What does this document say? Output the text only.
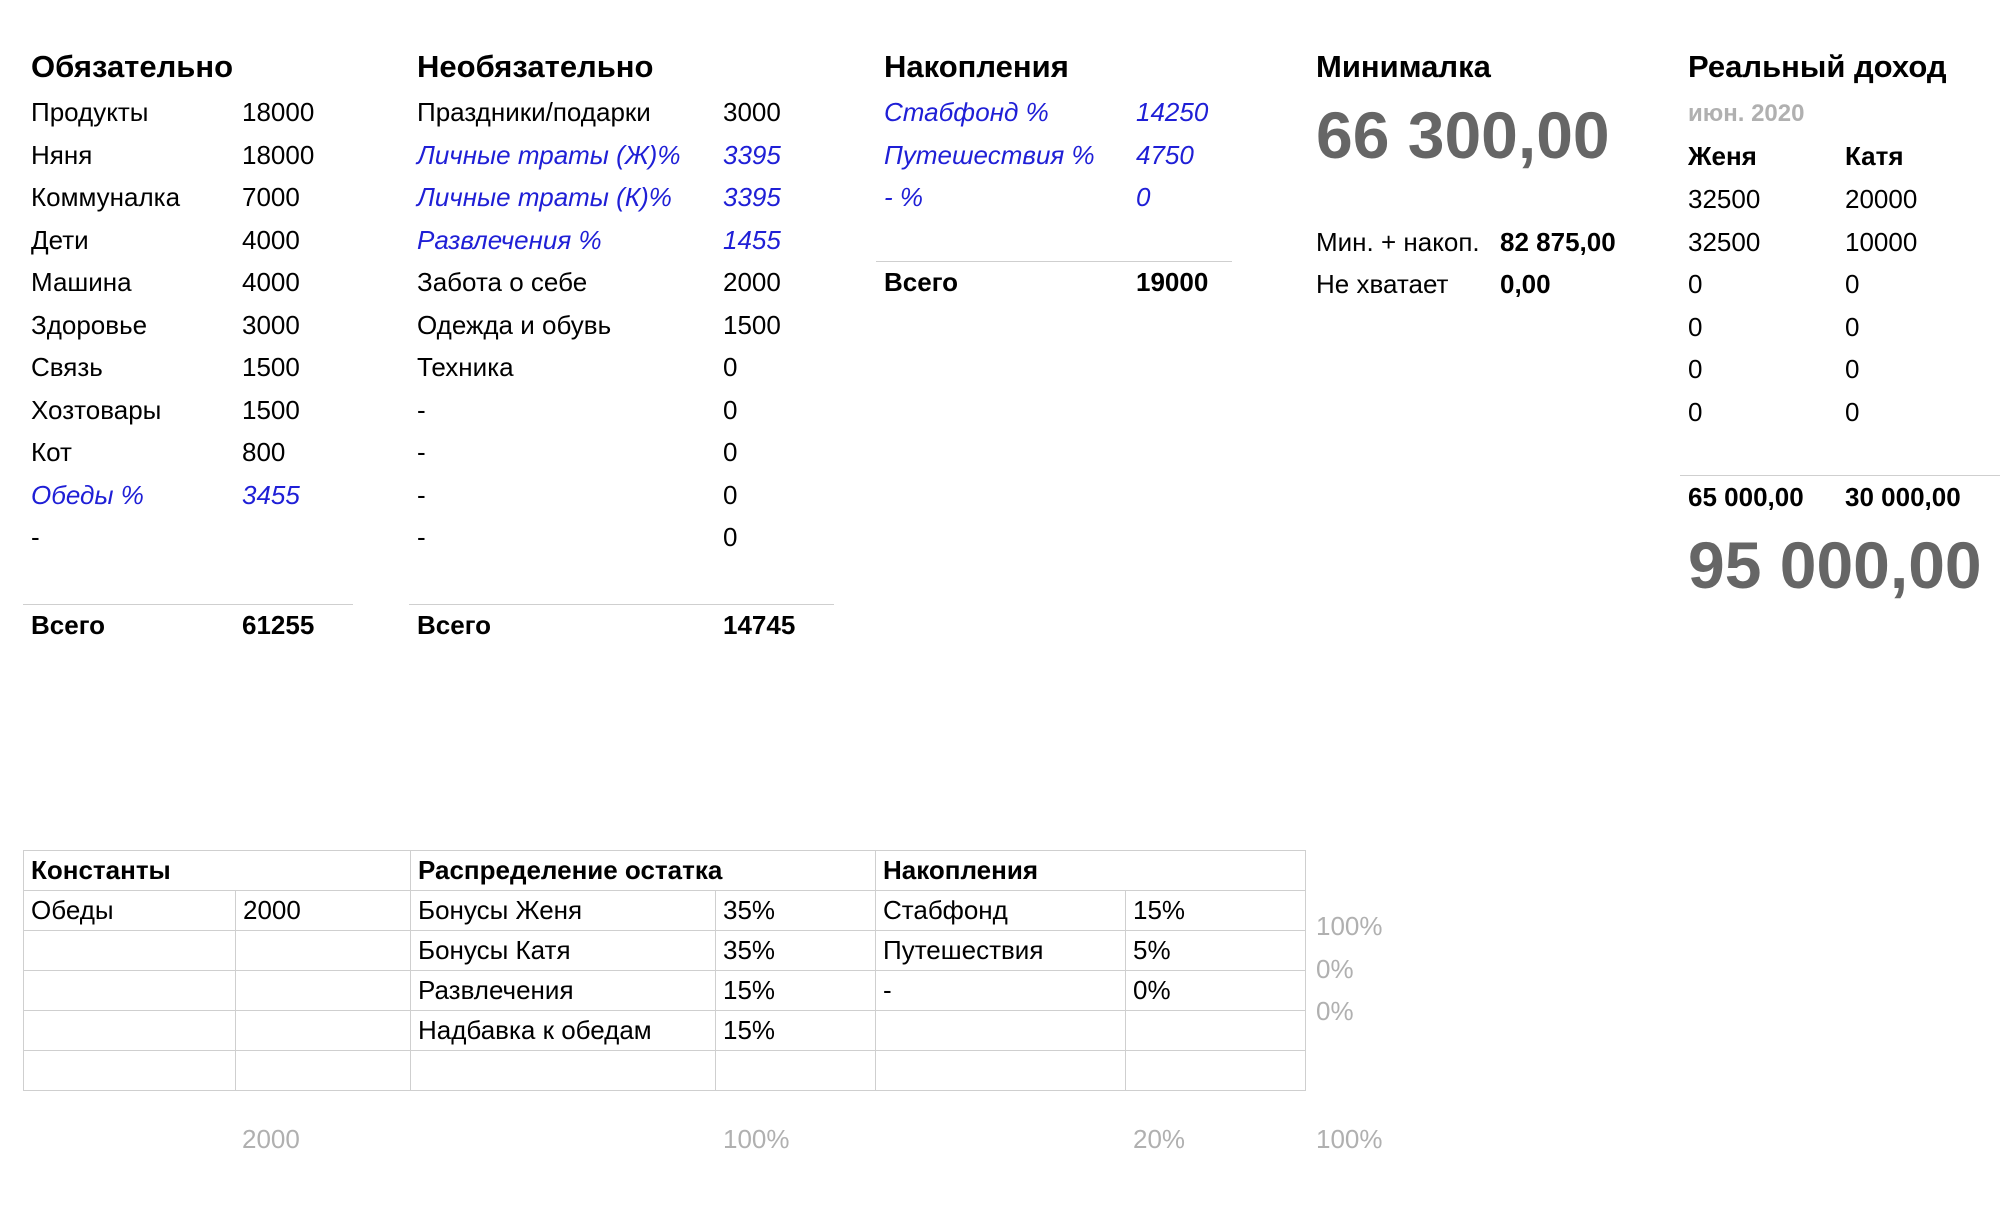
Обязательно
Продукты	18000
Няня	18000
Коммуналка 7000
Дети	4000
Машина	4000
Здоровье	3000
Связь	1500
Хозтовары	1500
Кот	800
Обеды %	3455
-
Всего	61255
Необязательно
Праздники/подарки	3000
Личные траты (Ж)% 3395
Личные траты (К)% 3395
Развлечения %	1455
Забота о себе	2000
Одежда и обувь	1500
Техника	0
-	0
-	0
-	0
-	0
Всего	14745
Накопления
Стабфонд %	14250
Путешествия % 4750
- %	0
Всего	19000
Минималка
66 300,00
Мин. + накоп. 82 875,00
Не хватает 0,00
Реальный доход
июн. 2020
Женя	Катя
32500	20000
32500	10000
0	0
0	0
0	0
0	0
65 000,00 30 000,00
95 000,00
Константы		Распределение остатка		Накопления	
Обеды	2000	Бонусы Женя	35%	Стабфонд	15%
		Бонусы Катя	35%	Путешествия	5%
		Развлечения	15%	-	0%
		Надбавка к обедам	15%		

100%
0%
0%
2000	100%	20%	100%
